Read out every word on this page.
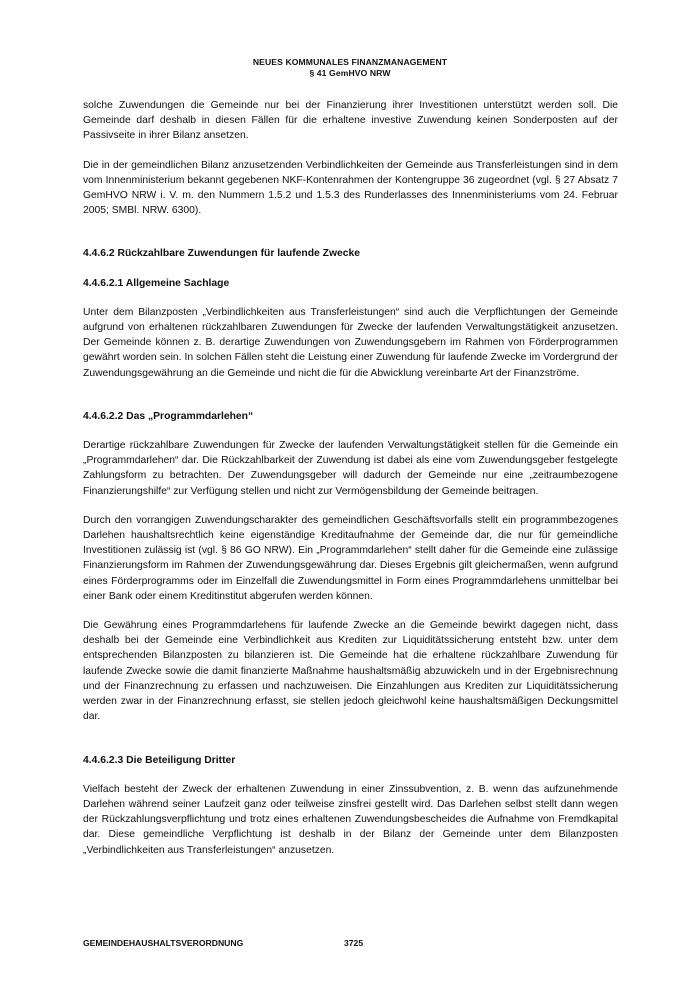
NEUES KOMMUNALES FINANZMANAGEMENT
§ 41 GemHVO NRW

solche Zuwendungen die Gemeinde nur bei der Finanzierung ihrer Investitionen unterstützt werden soll. Die Gemeinde darf deshalb in diesen Fällen für die erhaltene investive Zuwendung keinen Sonderposten auf der Passivseite in ihrer Bilanz ansetzen.

Die in der gemeindlichen Bilanz anzusetzenden Verbindlichkeiten der Gemeinde aus Transferleistungen sind in dem vom Innenministerium bekannt gegebenen NKF-Kontenrahmen der Kontengruppe 36 zugeordnet (vgl. § 27 Absatz 7 GemHVO NRW i. V. m. den Nummern 1.5.2 und 1.5.3 des Runderlasses des Innenministeriums vom 24. Februar 2005; SMBl. NRW. 6300).

4.4.6.2 Rückzahlbare Zuwendungen für laufende Zwecke
4.4.6.2.1 Allgemeine Sachlage

Unter dem Bilanzposten „Verbindlichkeiten aus Transferleistungen“ sind auch die Verpflichtungen der Gemeinde aufgrund von erhaltenen rückzahlbaren Zuwendungen für Zwecke der laufenden Verwaltungstätigkeit anzusetzen. Der Gemeinde können z. B. derartige Zuwendungen von Zuwendungsgebern im Rahmen von Förderprogrammen gewährt worden sein. In solchen Fällen steht die Leistung einer Zuwendung für laufende Zwecke im Vordergrund der Zuwendungsgewährung an die Gemeinde und nicht die für die Abwicklung vereinbarte Art der Finanzströme.

4.4.6.2.2 Das „Programmdarlehen“

Derartige rückzahlbare Zuwendungen für Zwecke der laufenden Verwaltungstätigkeit stellen für die Gemeinde ein „Programmdarlehen“ dar. Die Rückzahlbarkeit der Zuwendung ist dabei als eine vom Zuwendungsgeber festgelegte Zahlungsform zu betrachten. Der Zuwendungsgeber will dadurch der Gemeinde nur eine „zeitraumbezogene Finanzierungshilfe“ zur Verfügung stellen und nicht zur Vermögensbildung der Gemeinde beitragen.

Durch den vorrangigen Zuwendungscharakter des gemeindlichen Geschäftsvorfalls stellt ein programmbezogenes Darlehen haushaltsrechtlich keine eigenständige Kreditaufnahme der Gemeinde dar, die nur für gemeindliche Investitionen zulässig ist (vgl. § 86 GO NRW). Ein „Programmdarlehen“ stellt daher für die Gemeinde eine zulässige Finanzierungsform im Rahmen der Zuwendungsgewährung dar. Dieses Ergebnis gilt gleichermaßen, wenn aufgrund eines Förderprogramms oder im Einzelfall die Zuwendungsmittel in Form eines Programmdarlehens unmittelbar bei einer Bank oder einem Kreditinstitut abgerufen werden können.

Die Gewährung eines Programmdarlehens für laufende Zwecke an die Gemeinde bewirkt dagegen nicht, dass deshalb bei der Gemeinde eine Verbindlichkeit aus Krediten zur Liquiditätssicherung entsteht bzw. unter dem entsprechenden Bilanzposten zu bilanzieren ist. Die Gemeinde hat die erhaltene rückzahlbare Zuwendung für laufende Zwecke sowie die damit finanzierte Maßnahme haushaltsmäßig abzuwickeln und in der Ergebnisrechnung und der Finanzrechnung zu erfassen und nachzuweisen. Die Einzahlungen aus Krediten zur Liquiditätssicherung werden zwar in der Finanzrechnung erfasst, sie stellen jedoch gleichwohl keine haushaltsmäßigen Deckungsmittel dar.

4.4.6.2.3 Die Beteiligung Dritter

Vielfach besteht der Zweck der erhaltenen Zuwendung in einer Zinssubvention, z. B. wenn das aufzunehmende Darlehen während seiner Laufzeit ganz oder teilweise zinsfrei gestellt wird. Das Darlehen selbst stellt dann wegen der Rückzahlungsverpflichtung und trotz eines erhaltenen Zuwendungsbescheides die Aufnahme von Fremdkapital dar. Diese gemeindliche Verpflichtung ist deshalb in der Bilanz der Gemeinde unter dem Bilanzposten „Verbindlichkeiten aus Transferleistungen“ anzusetzen.

GEMEINDEHAUSHALTSVERORDNUNG	3725
